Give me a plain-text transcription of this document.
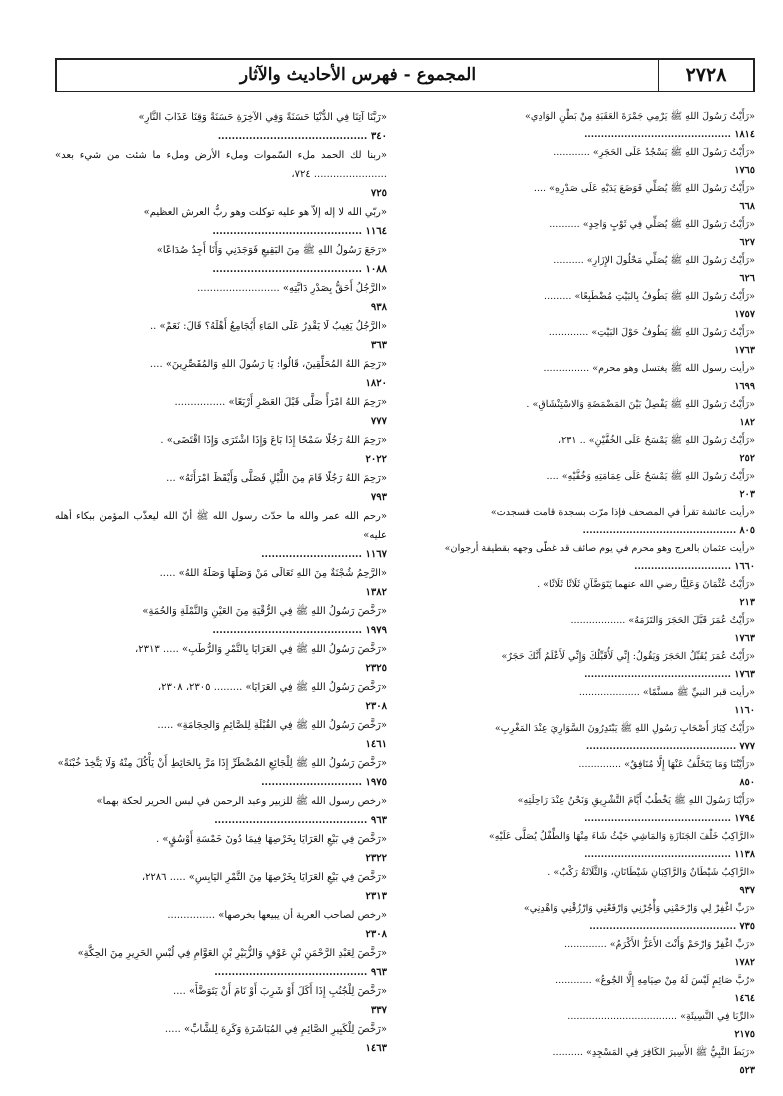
٢٧٢٨
المجموع - فهرس الأحاديث والآثار
«رَأَيْتُ رَسُولَ اللهِ ﷺ يَرْمِي جَمْرَةَ العَقَبَةِ مِنْ بَطْنِ الوَادِي»
١٨١٤ ............................................
«رَأَيْتُ رَسُولَ اللهِ ﷺ يَسْجُدُ عَلَى الحَجَرِ» ............
١٧٦٥
«رَأَيْتُ رَسُولَ اللهِ ﷺ يُصَلِّي فَوَضَعَ يَدَيْهِ عَلَى صَدْرِهِ» ....
٦٦٨
«رَأَيْتُ رَسُولَ اللهِ ﷺ يُصَلِّي فِي ثَوْبٍ وَاحِدٍ» ..........
٦٢٧
«رَأَيْتُ رَسُولَ اللهِ ﷺ يُصَلِّي مَحْلُولَ الإِزَارِ» ..........
٦٢٦
«رَأَيْتُ رَسُولَ اللهِ ﷺ يَطُوفُ بِالبَيْتِ مُضْطَبِعًا» .........
١٧٥٧
«رَأَيْتُ رَسُولَ اللهِ ﷺ يَطُوفُ حَوْلَ البَيْتِ» .............
١٧٦٣
«رأيت رسول الله ﷺ يغتسل وهو محرم» ...............
١٦٩٩
«رَأَيْتُ رَسُولَ اللهِ ﷺ يَفْصِلُ بَيْنَ المَضْمَضَةِ وَالاسْتِنْشَاقِ» .
١٨٢
«رَأَيْتُ رَسُولَ اللهِ ﷺ يَمْسَحُ عَلَى الخُفَّيْنِ» .. ٢٣١،
٢٥٢
«رَأَيْتُ رَسُولَ اللهِ ﷺ يَمْسَحُ عَلَى عِمَامَتِهِ وَخُفَّيْهِ» ....
٢٠٣
«رأيت عائشة تقرأ في المصحف فإذا مرّت بسجدة قامت فسجدت»
٨٠٥ ..............................................
«رأيت عثمان بالعرج وهو محرم في يوم صائف قد غطّى وجهه بقطيفة أرجوان»
١٦٦٠ .............................
«رَأَيْتُ عُثْمَانَ وَعَلِيًّا رضي الله عنهما يَتَوَضَّآنِ ثَلَاثًا ثَلَاثًا» .
٢١٣
«رَأَيْتُ عُمَرَ قَبَّلَ الحَجَرَ وَالتَزَمَهُ» ..................
١٧٦٣
«رَأَيْتُ عُمَرَ يُقَبِّلُ الحَجَرَ وَيَقُولُ: إِنِّي لَأُقَبِّلُكَ وَإِنِّي لَأَعْلَمُ أَنَّكَ حَجَرٌ»
١٧٦٣ ............................................
«رأيت قبر النبيِّ ﷺ مسنَّمًا» ....................
١١٦٠
«رَأَيْتُ كِبَارَ أَصْحَابِ رَسُولِ اللهِ ﷺ يَبْتَدِرُونَ السَّوَارِيَ عِنْدَ المَغْرِبِ»
٧٧٧ .............................................
«رَأَيْتُنَا وَمَا يَتَخَلَّفُ عَنْهَا إِلَّا مُنَافِقٌ» ..............
٨٥٠
«رَأَيْنَا رَسُولَ اللهِ ﷺ يَخْطُبُ أَيَّامَ التَّشْرِيقِ وَنَحْنُ عِنْدَ رَاحِلَتِهِ»
١٧٩٤ ............................................
«الرَّاكِبُ خَلْفَ الجَنَازَةِ وَالمَاشِي حَيْثُ شَاءَ مِنْهَا وَالطِّفْلُ يُصَلَّى عَلَيْهِ»
١١٣٨ ............................................
«الرَّاكِبُ شَيْطَانٌ وَالرَّاكِبَانِ شَيْطَانَانِ، وَالثَّلَاثَةُ رَكْبٌ» .
٩٣٧
«رَبِّ اغْفِرْ لِي وَارْحَمْنِي وَأْجُرْنِي وَارْفَعْنِي وَارْزُقْنِي وَاهْدِنِي»
٧٣٥ ............................................
«رَبِّ اغْفِرْ وَارْحَمْ وَأَنْتَ الأَعَزُّ الأَكْرَمُ» ..............
١٧٨٢
«رُبَّ صَائِمٍ لَيْسَ لَهُ مِنْ صِيَامِهِ إِلَّا الجُوعُ» ............
١٤٦٤
«الرِّبَا فِي النَّسِيئَةِ» ....................................
٢١٧٥
«رَبَطَ النَّبِيُّ ﷺ الأَسِيرَ الكَافِرَ فِي المَسْجِدِ» ..........
٥٢٣
«رَبَّنَا آتِنَا فِي الدُّنْيَا حَسَنَةً وَفِي الآخِرَةِ حَسَنَةً وَقِنَا عَذَابَ النَّارِ»
٣٤٠ ...........................................
«ربنا لك الحمد ملء السّموات وملء الأرض وملء ما شئت من شيء بعد» ....................... ٧٢٤،
٧٢٥
«ربّي الله لا إله إلاّ هو عليه توكلت وهو ربُّ العرش العظيم»
١١٦٤ ...........................................
«رَجَعَ رَسُولُ اللهِ ﷺ مِنَ البَقِيعِ فَوَجَدَنِي وَأَنَا أَجِدُ صُدَاعًا»
١٠٨٨ ...........................................
«الرَّجُلُ أَحَقُّ بِصَدْرِ دَابَّتِهِ» ..........................
٩٣٨
«الرَّجُلُ يَغِيبُ لَا يَقْدِرُ عَلَى المَاءِ أَيُجَامِعُ أَهْلَهُ؟ قَالَ: نَعَمْ» ..
٣٦٣
«رَحِمَ اللهُ المُحَلِّقِينَ، قَالُوا: يَا رَسُولَ اللهِ وَالمُقَصِّرِينَ» ....
١٨٢٠
«رَحِمَ اللهُ امْرَأً صَلَّى قَبْلَ العَصْرِ أَرْبَعًا» ................
٧٧٧
«رَحِمَ اللهُ رَجُلًا سَمْحًا إِذَا بَاعَ وَإِذَا اشْتَرَى وَإِذَا اقْتَضَى» .
٢٠٢٢
«رَحِمَ اللهُ رَجُلًا قَامَ مِنَ اللَّيْلِ فَصَلَّى وَأَيْقَظَ امْرَأَتَهُ» ...
٧٩٣
«رحم الله عمر والله ما حدّث رسول الله ﷺ أنّ الله ليعذّب المؤمن ببكاء أهله عليه»
١١٦٧ .............................
«الرَّحِمُ شُجْنَةٌ مِنَ اللهِ تَعَالَى مَنْ وَصَلَهَا وَصَلَهُ اللهُ» .....
١٣٨٢
«رَخَّصَ رَسُولُ اللهِ ﷺ فِي الرُّقْيَةِ مِنَ العَيْنِ وَالنَّمْلَةِ وَالحُمَةِ»
١٩٧٩ ...........................................
«رَخَّصَ رَسُولُ اللهِ ﷺ فِي العَرَايَا بِالتَّمْرِ وَالرُّطَبِ» ..... ٢٣١٣،
٢٣٢٥
«رَخَّصَ رَسُولُ اللهِ ﷺ فِي العَرَايَا» ......... ٢٣٠٥، ٢٣٠٨،
٢٣٠٨
«رَخَّصَ رَسُولُ اللهِ ﷺ فِي القُبْلَةِ لِلصَّائِمِ وَالحِجَامَةِ» .....
١٤٦١
«رَخَّصَ رَسُولُ اللهِ ﷺ لِلْجَائِعِ المُضْطَرِّ إِذَا مَرَّ بِالحَائِطِ أَنْ يَأْكُلَ مِنْهُ وَلَا يَتَّخِذَ خُبْنَةً»
١٩٧٥ .............................
«رخص رسول الله ﷺ للزبير وعبد الرحمن في لبس الحرير لحكة بهما»
٩٦٣ ............................................
«رَخَّصَ فِي بَيْعِ العَرَايَا بِخَرْصِهَا فِيمَا دُونَ خَمْسَةِ أَوْسُقٍ» .
٢٣٢٢
«رَخَّصَ فِي بَيْعِ العَرَايَا بِخَرْصِهَا مِنَ التَّمْرِ اليَابِسِ» ..... ٢٢٨٦،
٢٣١٣
«رخص لصاحب العرية أن يبيعها بخرصها» ...............
٢٣٠٨
«رَخَّصَ لِعَبْدِ الرَّحْمَنِ بْنِ عَوْفٍ وَالزُّبَيْرِ بْنِ العَوَّامِ فِي لُبْسِ الحَرِيرِ مِنَ الحِكَّةِ»
٩٦٣ ............................................
«رَخَّصَ لِلْجُنُبِ إِذَا أَكَلَ أَوْ شَرِبَ أَوْ نَامَ أَنْ يَتَوَضَّأَ» ....
٣٣٧
«رَخَّصَ لِلْكَبِيرِ الصَّائِمِ فِي المُبَاشَرَةِ وَكَرِهَ لِلشَّابِّ» .....
١٤٦٣
